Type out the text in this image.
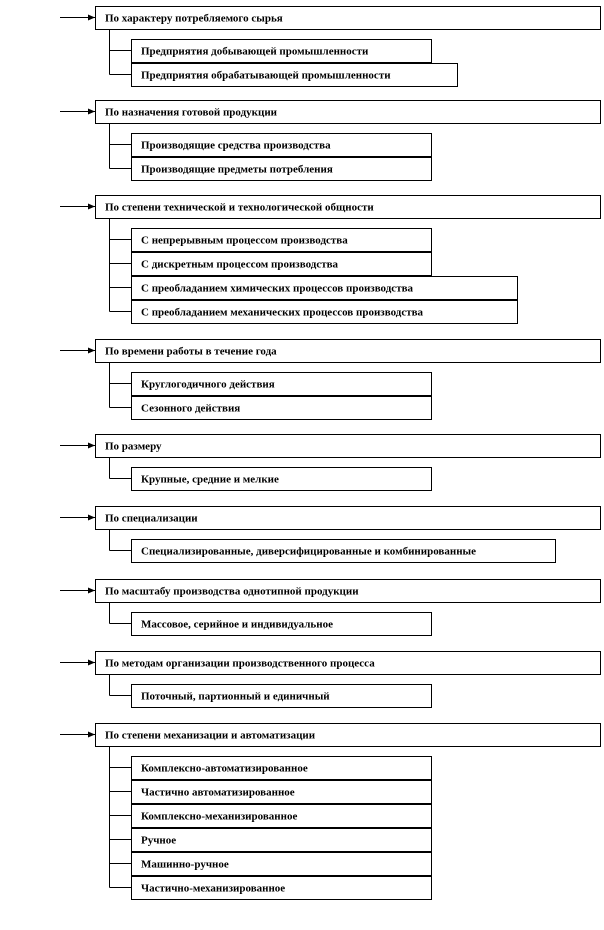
По характеру потребляемого сырья
Предприятия добывающей промышленности
Предприятия обрабатывающей промышленности
По назначения готовой продукции
Производящие средства производства
Производящие предметы потребления
По степени технической и технологической общности
С непрерывным процессом производства
С дискретным процессом производства
С преобладанием химических процессов производства
С преобладанием механических процессов производства
По времени работы в течение года
Круглогодичного действия
Сезонного действия
По размеру
Крупные, средние и мелкие
По специализации
Специализированные, диверсифицированные и комбинированные
По масштабу производства однотипной продукции
Массовое, серийное и индивидуальное
По методам организации производственного процесса
Поточный, партионный и единичный
По степени механизации и автоматизации
Комплексно-автоматизированное
Частично автоматизированное
Комплексно-механизированное
Ручное
Машинно-ручное
Частично-механизированное
